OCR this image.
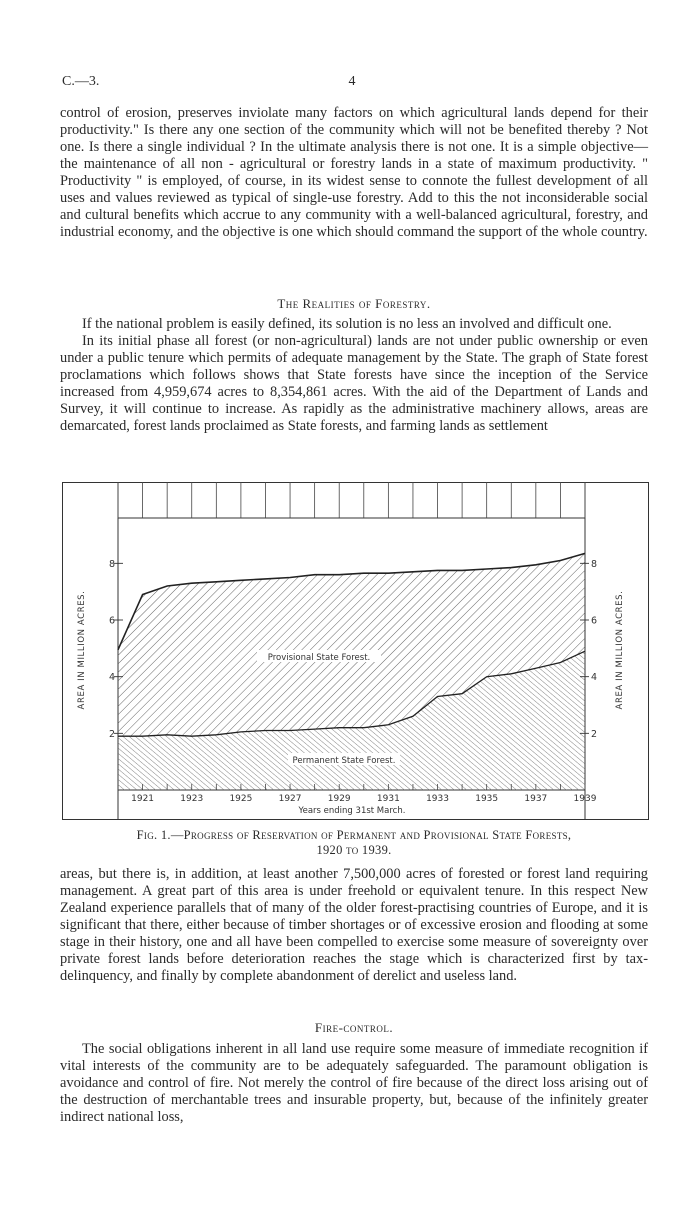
C.—3.	4

control of erosion, preserves inviolate many factors on which agricultural lands depend for their productivity." Is there any one section of the community which will not be benefited thereby ? Not one. Is there a single individual ? In the ultimate analysis there is not one. It is a simple objective—the maintenance of all non - agricultural or forestry lands in a state of maximum productivity. " Productivity " is employed, of course, in its widest sense to connote the fullest development of all uses and values reviewed as typical of single-use forestry. Add to this the not inconsiderable social and cultural benefits which accrue to any community with a well-balanced agricultural, forestry, and industrial economy, and the objective is one which should command the support of the whole country.

The Realities of Forestry.

If the national problem is easily defined, its solution is no less an involved and difficult one.

In its initial phase all forest (or non-agricultural) lands are not under public ownership or even under a public tenure which permits of adequate management by the State. The graph of State forest proclamations which follows shows that State forests have since the inception of the Service increased from 4,959,674 acres to 8,354,861 acres. With the aid of the Department of Lands and Survey, it will continue to increase. As rapidly as the administrative machinery allows, areas are demarcated, forest lands proclaimed as State forests, and farming lands as settlement

1921	1923	1925	1927	1929	1931	1933	1935	1937	1939
2	2
4	4
6	6
8	8
AREA IN MILLION ACRES.	AREA IN MILLION ACRES.
Provisional State Forest.
Permanent State Forest.
Years ending 31st March.
Fig. 1.—Progress of Reservation of Permanent and Provisional State Forests,
1920 to 1939.

areas, but there is, in addition, at least another 7,500,000 acres of forested or forest land requiring management. A great part of this area is under freehold or equivalent tenure. In this respect New Zealand experience parallels that of many of the older forest-practising countries of Europe, and it is significant that there, either because of timber shortages or of excessive erosion and flooding at some stage in their history, one and all have been compelled to exercise some measure of sovereignty over private forest lands before deterioration reaches the stage which is characterized first by tax-delinquency, and finally by complete abandonment of derelict and useless land.

Fire-control.

The social obligations inherent in all land use require some measure of immediate recognition if vital interests of the community are to be adequately safeguarded. The paramount obligation is avoidance and control of fire. Not merely the control of fire because of the direct loss arising out of the destruction of merchantable trees and insurable property, but, because of the infinitely greater indirect national loss,
